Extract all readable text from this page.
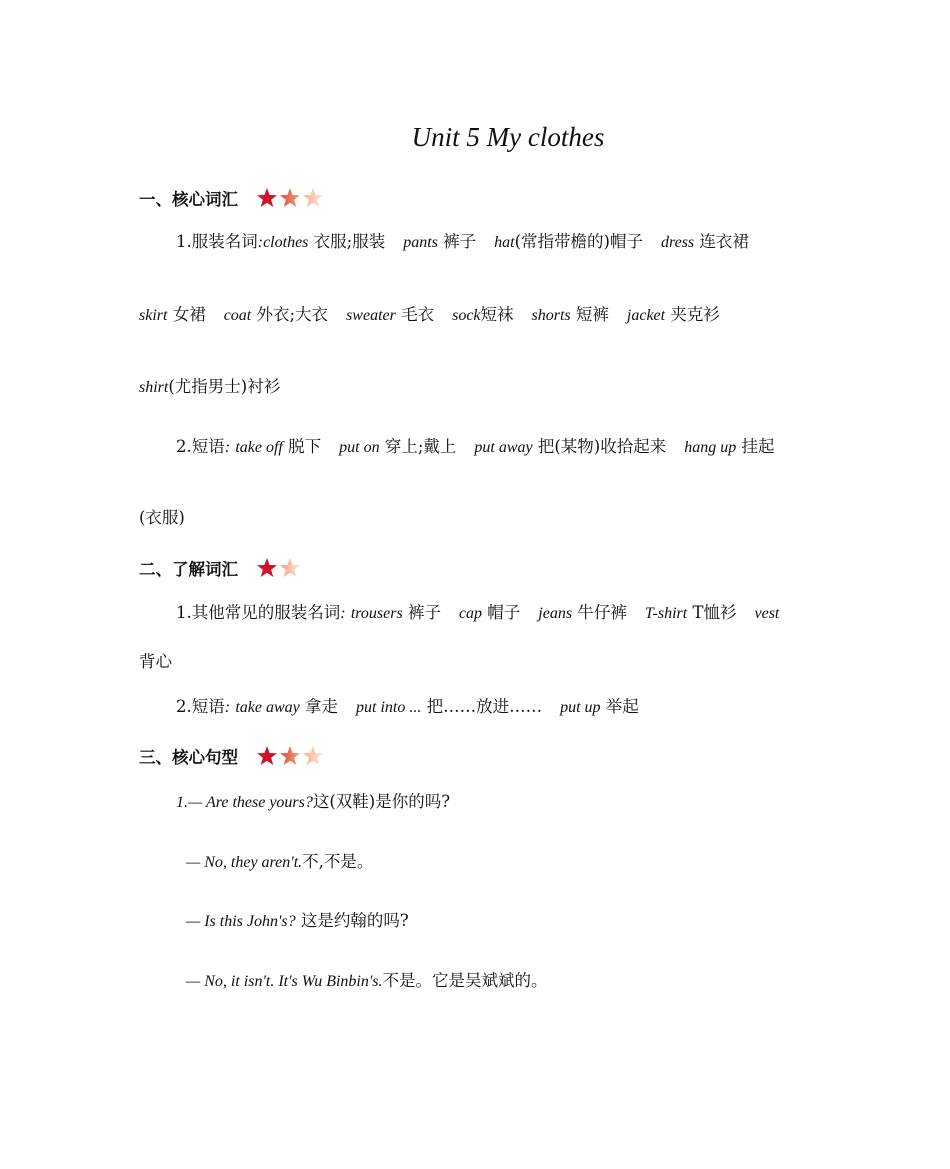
Unit 5 My clothes
一、核心词汇
1.服装名词:clothes 衣服;服装 pants 裤子 hat(常指带檐的)帽子 dress 连衣裙
skirt 女裙 coat 外衣;大衣 sweater 毛衣 sock短袜 shorts 短裤 jacket 夹克衫
shirt(尤指男士)衬衫
2.短语: take off 脱下 put on 穿上;戴上 put away 把(某物)收拾起来 hang up 挂起
(衣服)
二、了解词汇
1.其他常见的服装名词: trousers 裤子 cap 帽子 jeans 牛仔裤 T-shirt T恤衫 vest
背心
2.短语: take away 拿走 put into ... 把……放进…… put up 举起
三、核心句型
1.— Are these yours?这(双鞋)是你的吗?
— No, they aren't.不,不是。
— Is this John's? 这是约翰的吗?
— No, it isn't. It's Wu Binbin's.不是。它是吴斌斌的。
